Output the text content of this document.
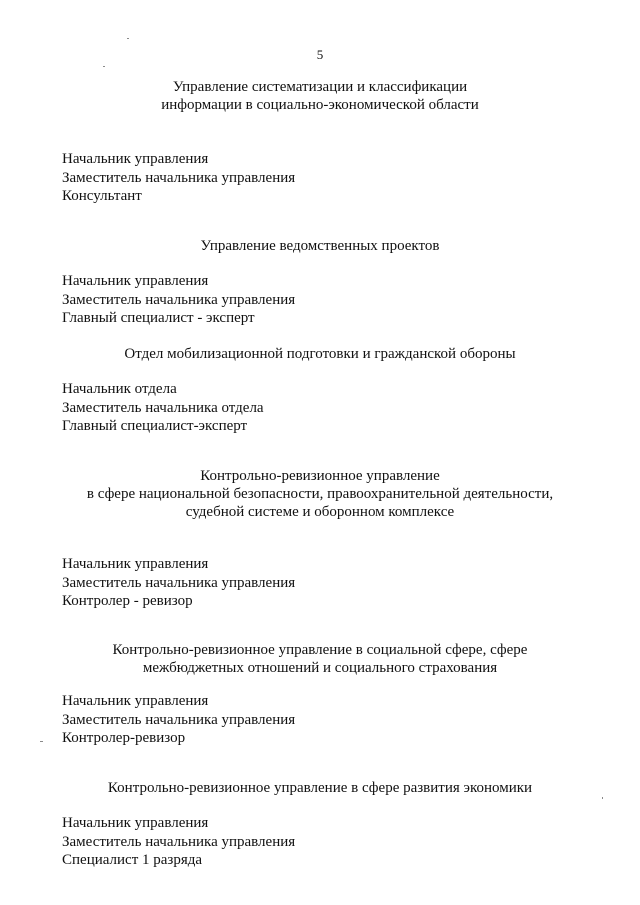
5
Управление систематизации и классификации
информации в социально-экономической области
Начальник управления
Заместитель начальника управления
Консультант
Управление ведомственных проектов
Начальник управления
Заместитель начальника управления
Главный специалист - эксперт
Отдел мобилизационной подготовки и гражданской обороны
Начальник отдела
Заместитель начальника отдела
Главный специалист-эксперт
Контрольно-ревизионное управление
в сфере национальной безопасности, правоохранительной деятельности,
судебной системе и оборонном комплексе
Начальник управления
Заместитель начальника управления
Контролер - ревизор
Контрольно-ревизионное управление в социальной сфере, сфере
межбюджетных отношений и социального страхования
Начальник управления
Заместитель начальника управления
Контролер-ревизор
Контрольно-ревизионное управление в сфере развития экономики
Начальник управления
Заместитель начальника управления
Специалист 1 разряда
